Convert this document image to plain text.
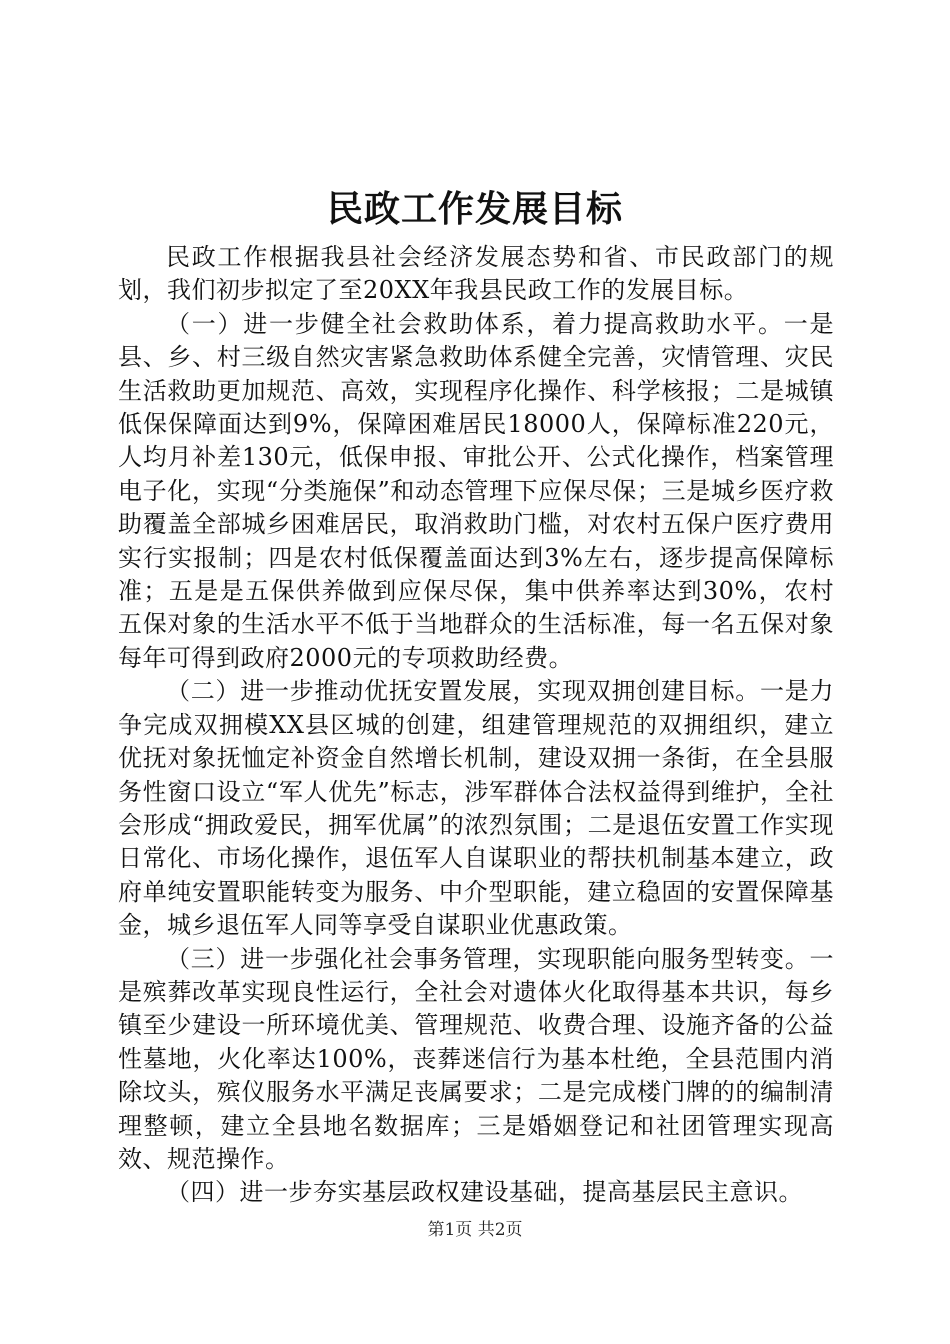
民政工作发展目标

民政工作根据我县社会经济发展态势和省、市民政部门的规划，我们初步拟定了至20XX年我县民政工作的发展目标。

（一）进一步健全社会救助体系，着力提高救助水平。一是县、乡、村三级自然灾害紧急救助体系健全完善，灾情管理、灾民生活救助更加规范、高效，实现程序化操作、科学核报；二是城镇低保保障面达到9%，保障困难居民18000人，保障标准220元，人均月补差130元，低保申报、审批公开、公式化操作，档案管理电子化，实现“分类施保”和动态管理下应保尽保；三是城乡医疗救助覆盖全部城乡困难居民，取消救助门槛，对农村五保户医疗费用实行实报制；四是农村低保覆盖面达到3%左右，逐步提高保障标准；五是是五保供养做到应保尽保，集中供养率达到30%，农村五保对象的生活水平不低于当地群众的生活标准，每一名五保对象每年可得到政府2000元的专项救助经费。

（二）进一步推动优抚安置发展，实现双拥创建目标。一是力争完成双拥模XX县区城的创建，组建管理规范的双拥组织，建立优抚对象抚恤定补资金自然增长机制，建设双拥一条街，在全县服务性窗口设立“军人优先”标志，涉军群体合法权益得到维护，全社会形成“拥政爱民，拥军优属”的浓烈氛围；二是退伍安置工作实现日常化、市场化操作，退伍军人自谋职业的帮扶机制基本建立，政府单纯安置职能转变为服务、中介型职能，建立稳固的安置保障基金，城乡退伍军人同等享受自谋职业优惠政策。

（三）进一步强化社会事务管理，实现职能向服务型转变。一是殡葬改革实现良性运行，全社会对遗体火化取得基本共识，每乡镇至少建设一所环境优美、管理规范、收费合理、设施齐备的公益性墓地，火化率达100%，丧葬迷信行为基本杜绝，全县范围内消除坟头，殡仪服务水平满足丧属要求；二是完成楼门牌的的编制清理整顿，建立全县地名数据库；三是婚姻登记和社团管理实现高效、规范操作。

（四）进一步夯实基层政权建设基础，提高基层民主意识。

第1页 共2页
